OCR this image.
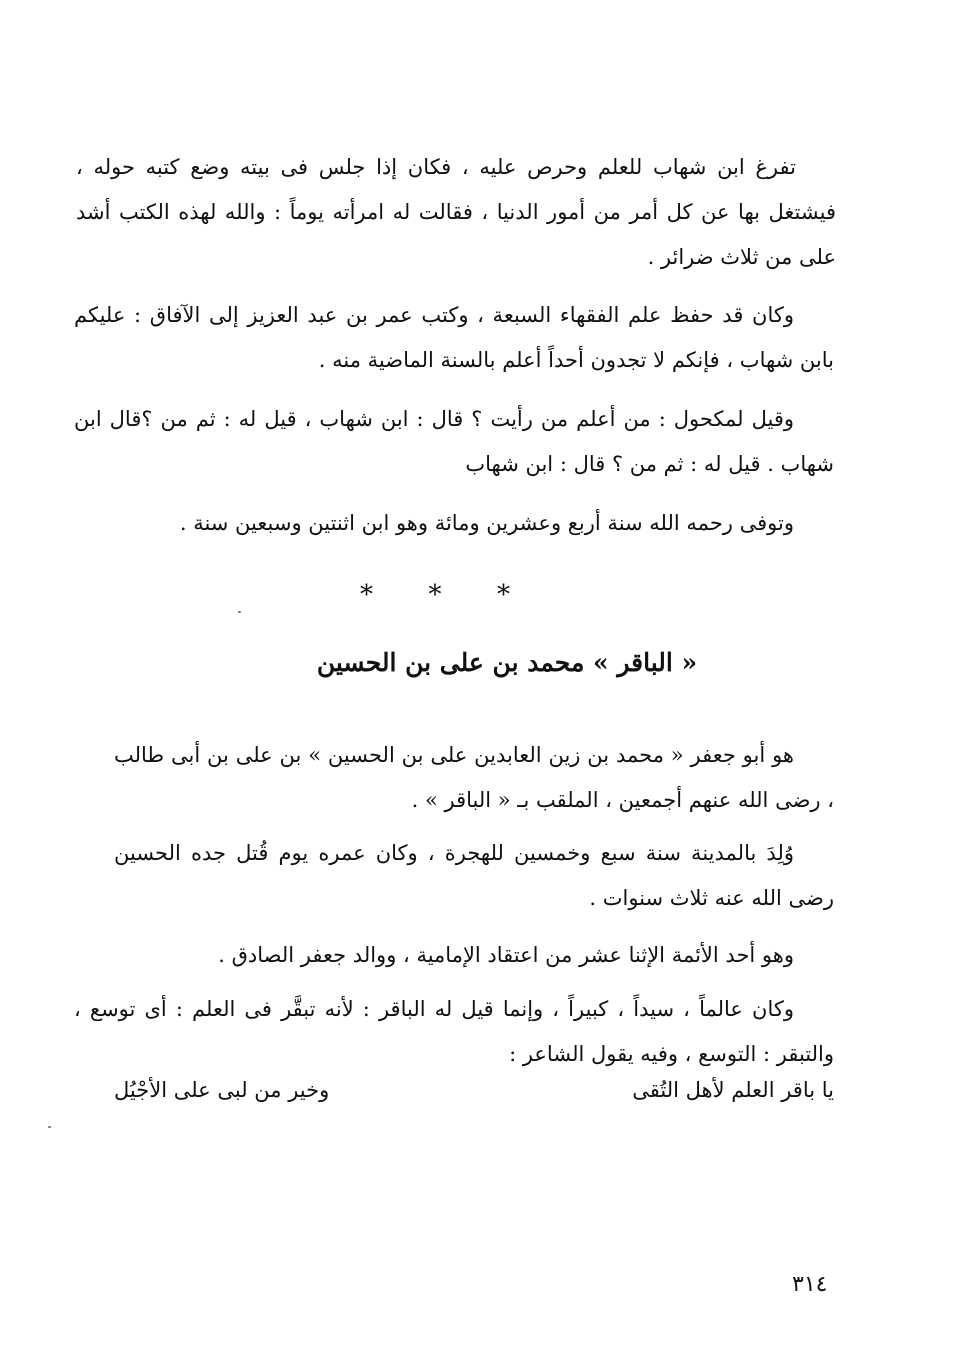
تفرغ ابن شهاب للعلم وحرص عليه ، فكان إذا جلس فى بيته وضع كتبه حوله ، فيشتغل بها عن كل أمر من أمور الدنيا ، فقالت له امرأته يوماً : والله لهذه الكتب أشد على من ثلاث ضرائر .

وكان قد حفظ علم الفقهاء السبعة ، وكتب عمر بن عبد العزيز إلى الآفاق : عليكم بابن شهاب ، فإنكم لا تجدون أحداً أعلم بالسنة الماضية منه .

وقيل لمكحول : من أعلم من رأيت ؟ قال : ابن شهاب ، قيل له : ثم من ؟قال ابن شهاب . قيل له : ثم من ؟ قال : ابن شهاب

وتوفى رحمه الله سنة أربع وعشرين ومائة وهو ابن اثنتين وسبعين سنة .

* * *
« الباقر » محمد بن على بن الحسين

هو أبو جعفر « محمد بن زين العابدين على بن الحسين » بن على بن أبى طالب ، رضى الله عنهم أجمعين ، الملقب بـ « الباقر » .

وُلِدَ بالمدينة سنة سبع وخمسين للهجرة ، وكان عمره يوم قُتل جده الحسين رضى الله عنه ثلاث سنوات .

وهو أحد الأئمة الإثنا عشر من اعتقاد الإمامية ، ووالد جعفر الصادق .

وكان عالماً ، سيداً ، كبيراً ، وإنما قيل له الباقر : لأنه تبقَّر فى العلم : أى توسع ، والتبقر : التوسع ، وفيه يقول الشاعر :

يا باقر العلم لأهل التُقى
وخير من لبى على الأجْيُل
٣١٤
